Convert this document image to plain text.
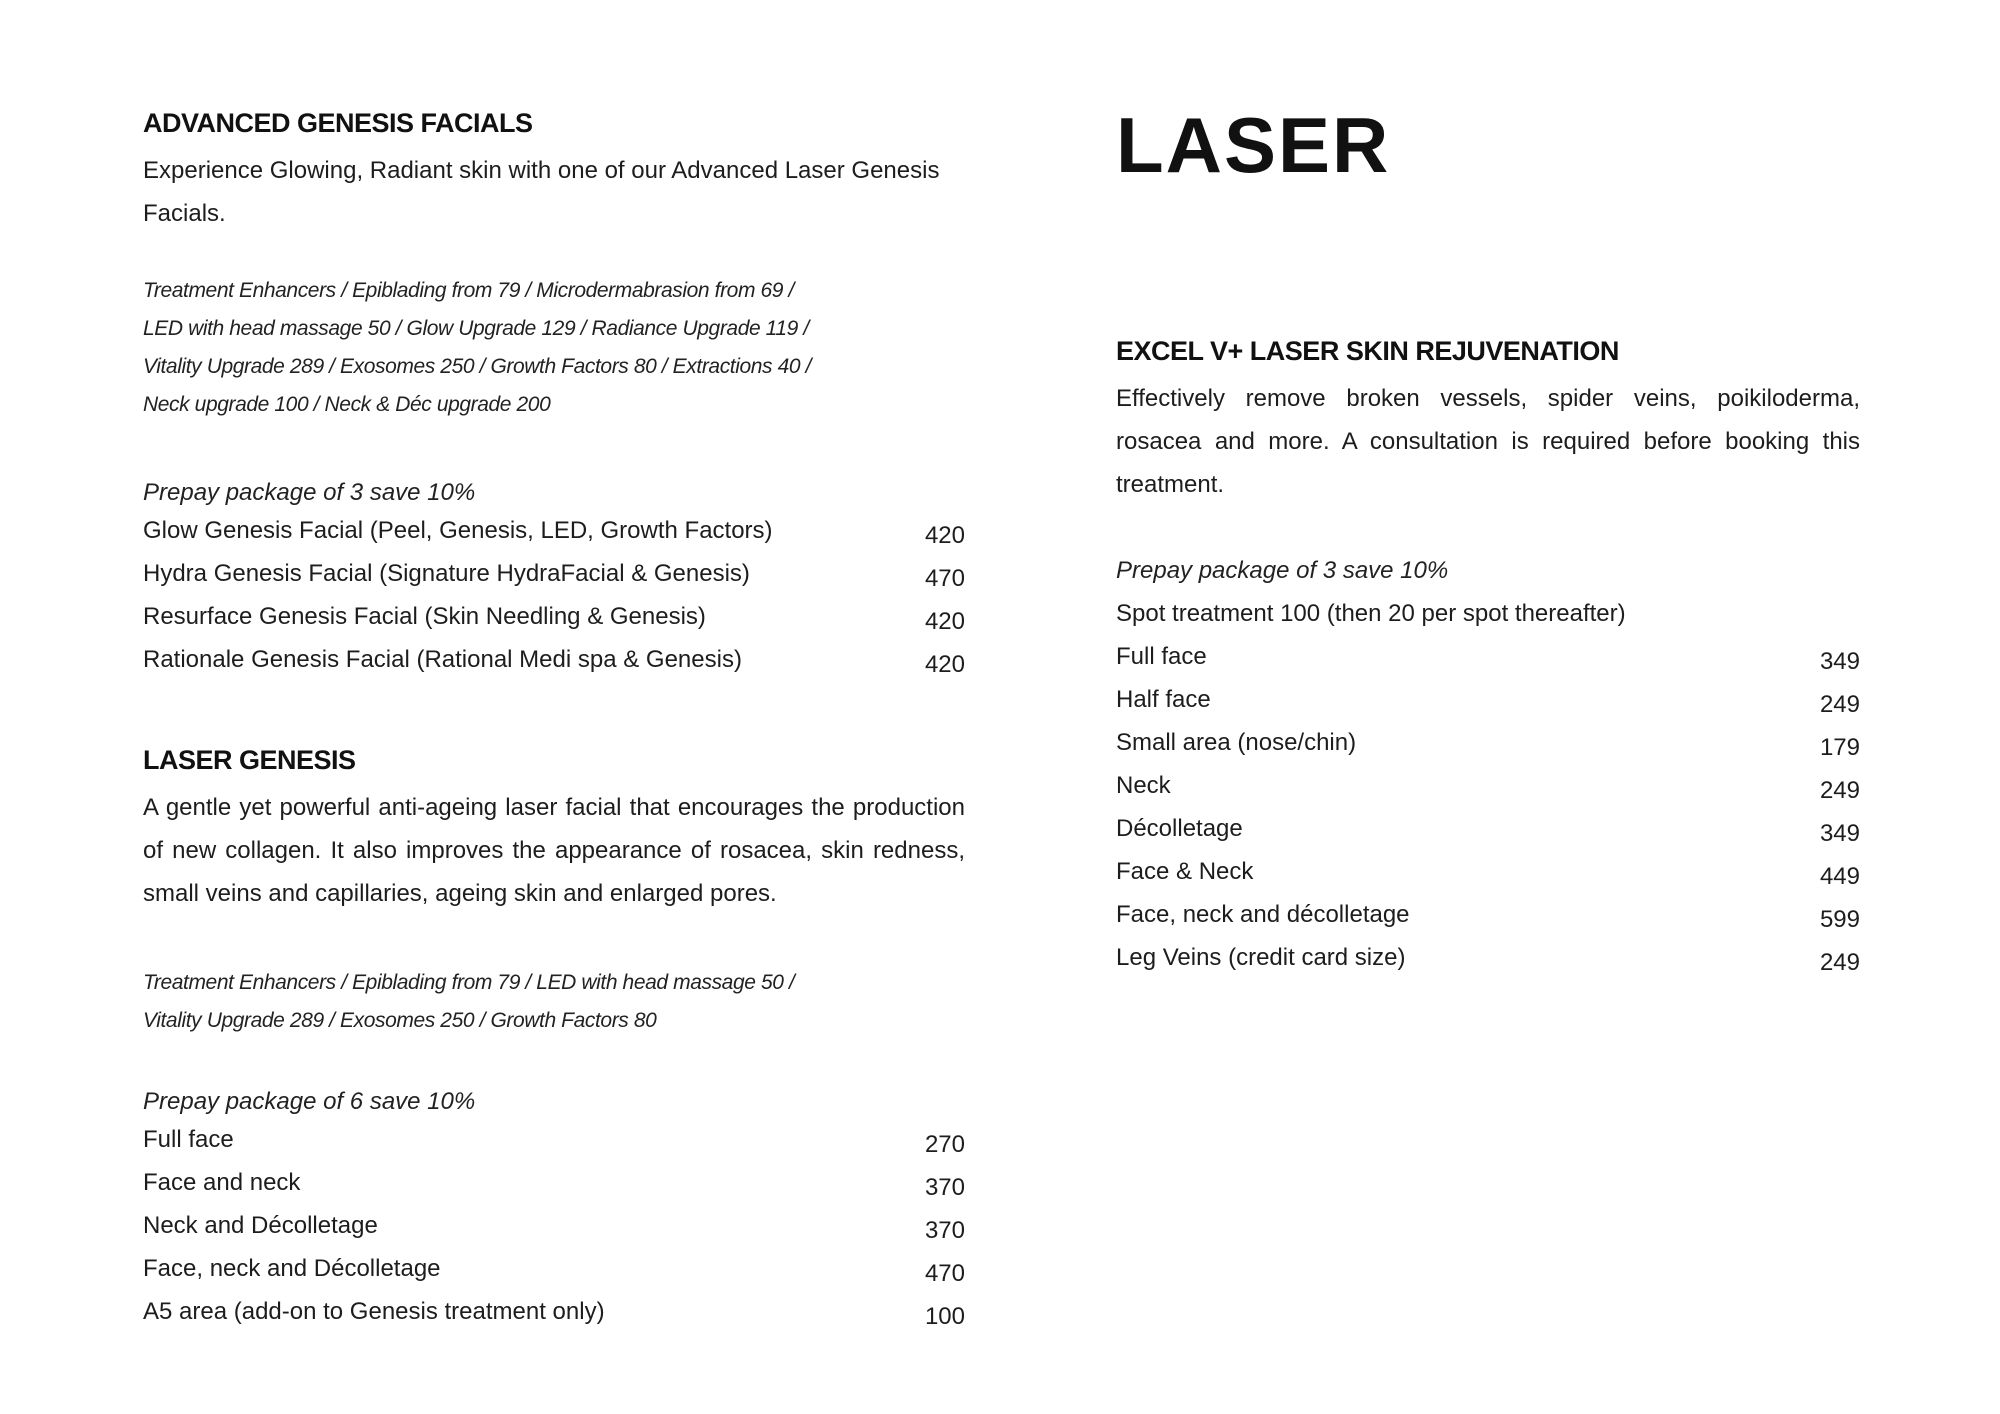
ADVANCED GENESIS FACIALS

Experience Glowing, Radiant skin with one of our Advanced Laser Genesis Facials.

Treatment Enhancers / Epiblading from 79 / Microdermabrasion from 69 /
LED with head massage 50 / Glow Upgrade 129 / Radiance Upgrade 119 /
Vitality Upgrade 289 / Exosomes 250 / Growth Factors 80 / Extractions 40 /
Neck upgrade 100 / Neck & Déc upgrade 200

Prepay package of 3 save 10%

Glow Genesis Facial (Peel, Genesis, LED, Growth Factors)	420
Hydra Genesis Facial (Signature HydraFacial & Genesis)	470
Resurface Genesis Facial (Skin Needling & Genesis)	420
Rationale Genesis Facial (Rational Medi spa & Genesis)	420
LASER GENESIS

A gentle yet powerful anti-ageing laser facial that encourages the production of new collagen. It also improves the appearance of rosacea, skin redness, small veins and capillaries, ageing skin and enlarged pores.

Treatment Enhancers / Epiblading from 79 / LED with head massage 50 /
Vitality Upgrade 289 / Exosomes 250 / Growth Factors 80

Prepay package of 6 save 10%

Full face	270
Face and neck	370
Neck and Décolletage	370
Face, neck and Décolletage	470
A5 area (add-on to Genesis treatment only)	100
LASER
EXCEL V+ LASER SKIN REJUVENATION

Effectively remove broken vessels, spider veins, poikiloderma, rosacea and more. A consultation is required before booking this treatment.

Prepay package of 3 save 10%

Spot treatment 100 (then 20 per spot thereafter)

Full face	349
Half face	249
Small area (nose/chin)	179
Neck	249
Décolletage	349
Face & Neck	449
Face, neck and décolletage	599
Leg Veins (credit card size)	249
